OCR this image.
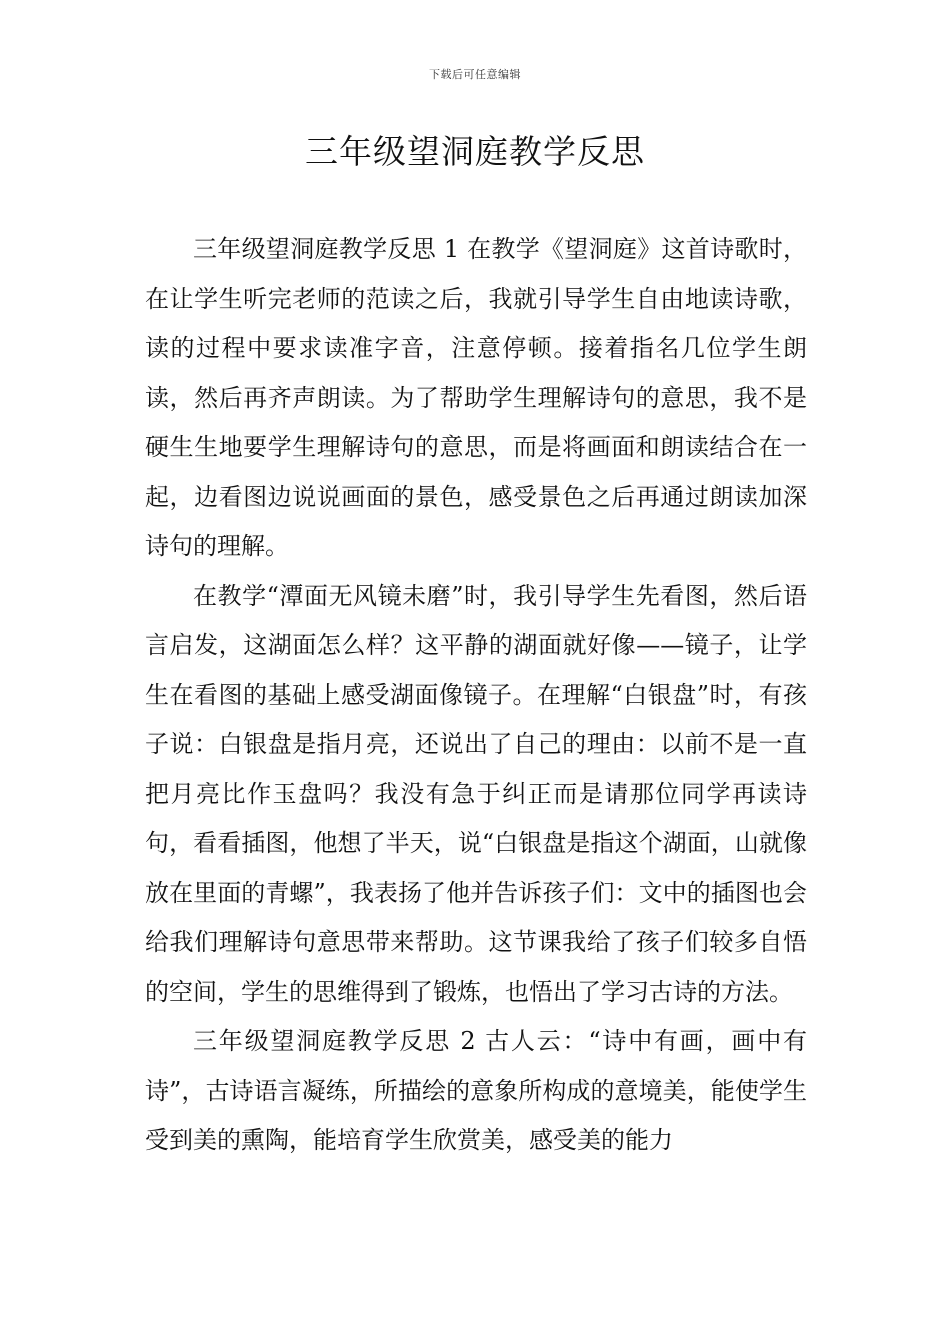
下载后可任意编辑
三年级望洞庭教学反思

三年级望洞庭教学反思 1 在教学《望洞庭》这首诗歌时，在让学生听完老师的范读之后，我就引导学生自由地读诗歌，读的过程中要求读准字音，注意停顿。接着指名几位学生朗读，然后再齐声朗读。为了帮助学生理解诗句的意思，我不是硬生生地要学生理解诗句的意思，而是将画面和朗读结合在一起，边看图边说说画面的景色，感受景色之后再通过朗读加深诗句的理解。

在教学“潭面无风镜未磨”时，我引导学生先看图，然后语言启发，这湖面怎么样？这平静的湖面就好像——镜子，让学生在看图的基础上感受湖面像镜子。在理解“白银盘”时，有孩子说：白银盘是指月亮，还说出了自己的理由：以前不是一直把月亮比作玉盘吗？我没有急于纠正而是请那位同学再读诗句，看看插图，他想了半天，说“白银盘是指这个湖面，山就像放在里面的青螺”，我表扬了他并告诉孩子们：文中的插图也会给我们理解诗句意思带来帮助。这节课我给了孩子们较多自悟的空间，学生的思维得到了锻炼，也悟出了学习古诗的方法。

三年级望洞庭教学反思 2 古人云：“诗中有画，画中有诗”，古诗语言凝练，所描绘的意象所构成的意境美，能使学生受到美的熏陶，能培育学生欣赏美，感受美的能力
